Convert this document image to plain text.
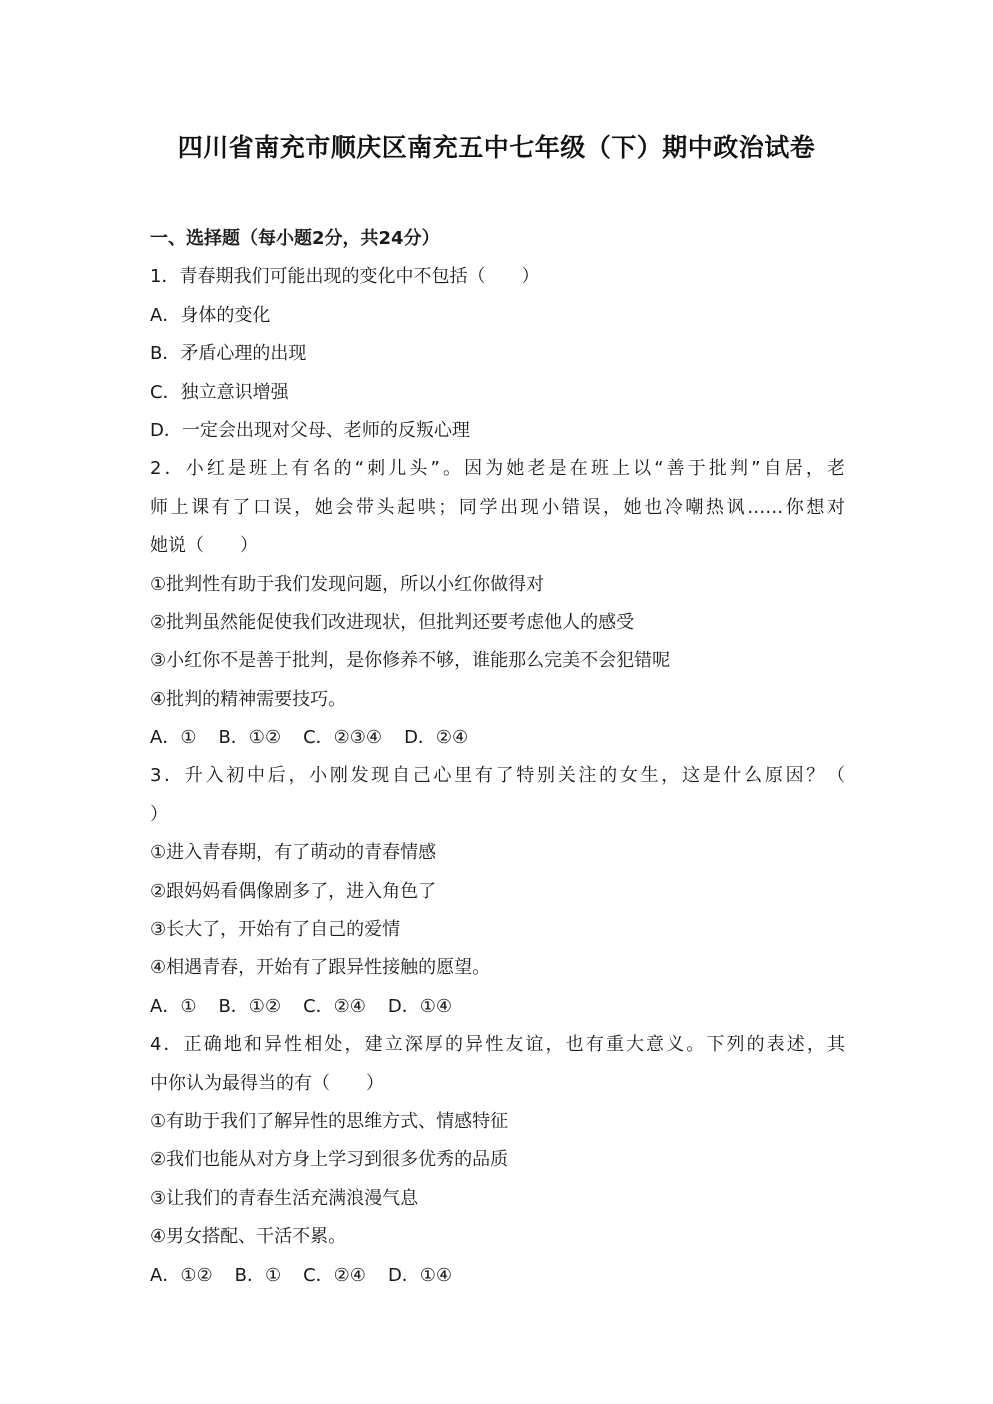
四川省南充市顺庆区南充五中七年级（下）期中政治试卷
一、选择题（每小题2分，共24分）
1．青春期我们可能出现的变化中不包括（　　）
A．身体的变化
B．矛盾心理的出现
C．独立意识增强
D．一定会出现对父母、老师的反叛心理
2．小红是班上有名的“刺儿头”。因为她老是在班上以“善于批判”自居，老
师上课有了口误，她会带头起哄；同学出现小错误，她也冷嘲热讽……你想对
她说（　　）
①批判性有助于我们发现问题，所以小红你做得对
②批判虽然能促使我们改进现状，但批判还要考虑他人的感受
③小红你不是善于批判，是你修养不够，谁能那么完美不会犯错呢
④批判的精神需要技巧。
A．① B．①② C．②③④ D．②④
3．升入初中后，小刚发现自己心里有了特别关注的女生，这是什么原因？（
）
①进入青春期，有了萌动的青春情感
②跟妈妈看偶像剧多了，进入角色了
③长大了，开始有了自己的爱情
④相遇青春，开始有了跟异性接触的愿望。
A．① B．①② C．②④ D．①④
4．正确地和异性相处，建立深厚的异性友谊，也有重大意义。下列的表述，其
中你认为最得当的有（　　）
①有助于我们了解异性的思维方式、情感特征
②我们也能从对方身上学习到很多优秀的品质
③让我们的青春生活充满浪漫气息
④男女搭配、干活不累。
A．①② B．① C．②④ D．①④
